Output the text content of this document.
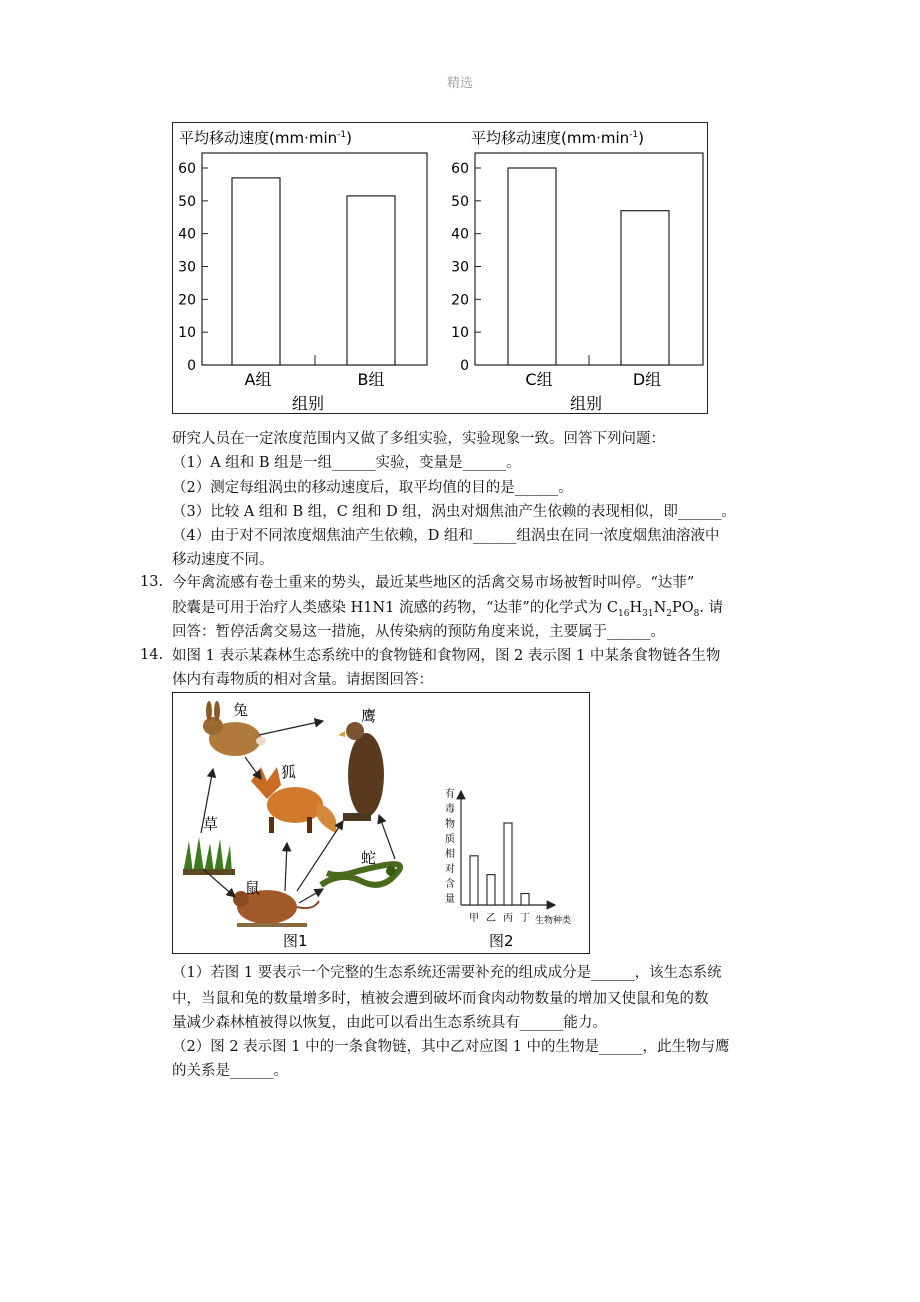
精选
平均移动速度$(mm\cdot\min^{-1})$
0
10
20
30
40
50
60
A组	B组
组别
平均移动速度$(mm\cdot\min^{-1})$
0
10
20
30
40
50
60
C组	D组
组别
研究人员在一定浓度范围内又做了多组实验，实验现象一致。回答下列问题：
（1）A 组和 B 组是一组______实验，变量是______。
（2）测定每组涡虫的移动速度后，取平均值的目的是______。
（3）比较 A 组和 B 组，C 组和 D 组，涡虫对烟焦油产生依赖的表现相似，即______。
（4）由于对不同浓度烟焦油产生依赖，D 组和______组涡虫在同一浓度烟焦油溶液中
移动速度不同。
13. 今年禽流感有卷土重来的势头，最近某些地区的活禽交易市场被暂时叫停。“达菲”
胶囊是可用于治疗人类感染 H1N1 流感的药物，“达菲”的化学式为 $C_{16}H_{31}N_2PO_8$. 请
回答：暂停活禽交易这一措施，从传染病的预防角度来说，主要属于______。
14. 如图 1 表示某森林生态系统中的食物链和食物网，图 2 表示图 1 中某条食物链各生物
体内有毒物质的相对含量。请据图回答：
兔	鹰
狐
草
蛇
鼠
图1	图2
有
毒
物
质
相
对
含
量
甲 乙 丙 丁 生物种类
（1）若图 1 要表示一个完整的生态系统还需要补充的组成成分是______，该生态系统
中，当鼠和兔的数量增多时，植被会遭到破坏而食肉动物数量的增加又使鼠和兔的数
量减少森林植被得以恢复，由此可以看出生态系统具有______能力。
（2）图 2 表示图 1 中的一条食物链，其中乙对应图 1 中的生物是______，此生物与鹰
的关系是______。
